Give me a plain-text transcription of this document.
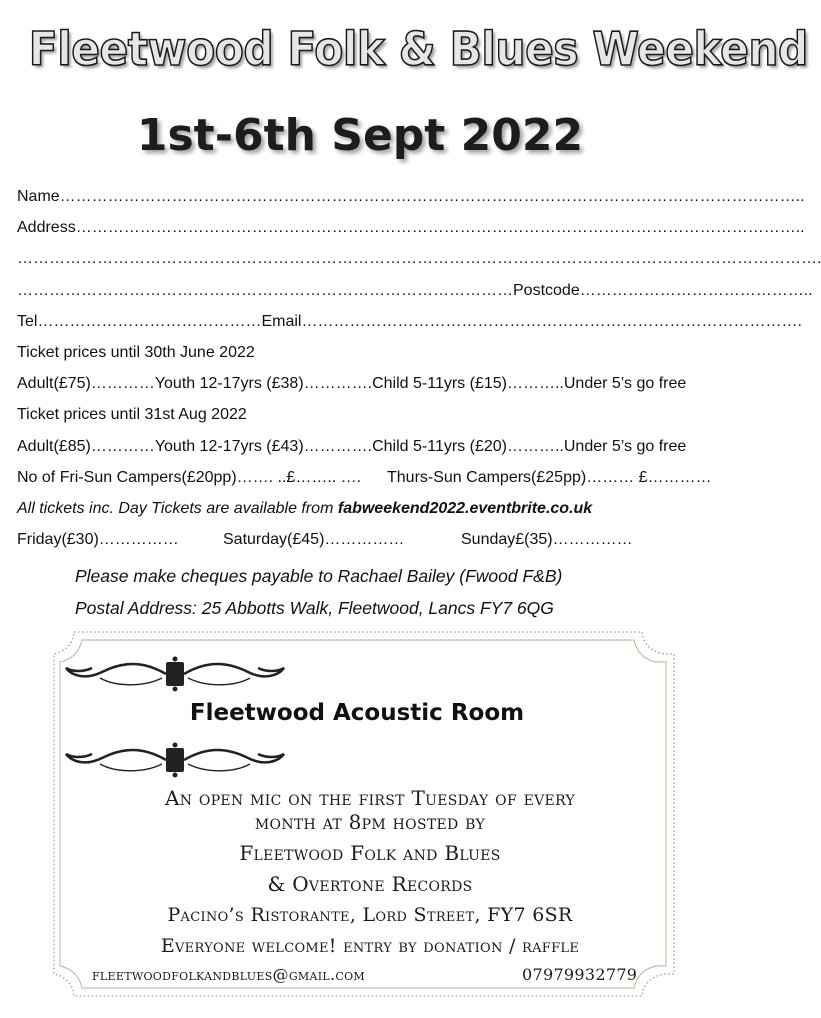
Fleetwood Folk & Blues Weekend
1st-6th Sept 2022
Name…………………………………………………………………………………………………………………………..
Address………………………………………………………………………………………………………………………..
…………………………………………………………………………………………………………………………………….
…………………………………………………………………………………Postcode……………………………………..
Tel……………………………………Email………………………………………………………………………………….
Ticket prices until 30th June 2022
Adult(£75)…………Youth 12-17yrs (£38)………….Child 5-11yrs (£15)………..Under 5’s go free
Ticket prices until 31st Aug 2022
Adult(£85)…………Youth 12-17yrs (£43)………….Child 5-11yrs (£20)………..Under 5’s go free
No of Fri-Sun Campers(£20pp)……. ..£…….. …. Thurs-Sun Campers(£25pp)……… £…………
All tickets inc. Day Tickets are available from fabweekend2022.eventbrite.co.uk
Friday(£30)……………	Saturday(£45)……………	Sunday£(35)……………
Please make cheques payable to Rachael Bailey (Fwood F&B)
Postal Address: 25 Abbotts Walk, Fleetwood, Lancs FY7 6QG
Fleetwood Acoustic Room
An open mic on the first Tuesday of every
month at 8pm hosted by
Fleetwood Folk and Blues
& Overtone Records
Pacino’s Ristorante, Lord Street, FY7 6SR
Everyone welcome! entry by donation / raffle
fleetwoodfolkandblues@gmail.com	07979932779
